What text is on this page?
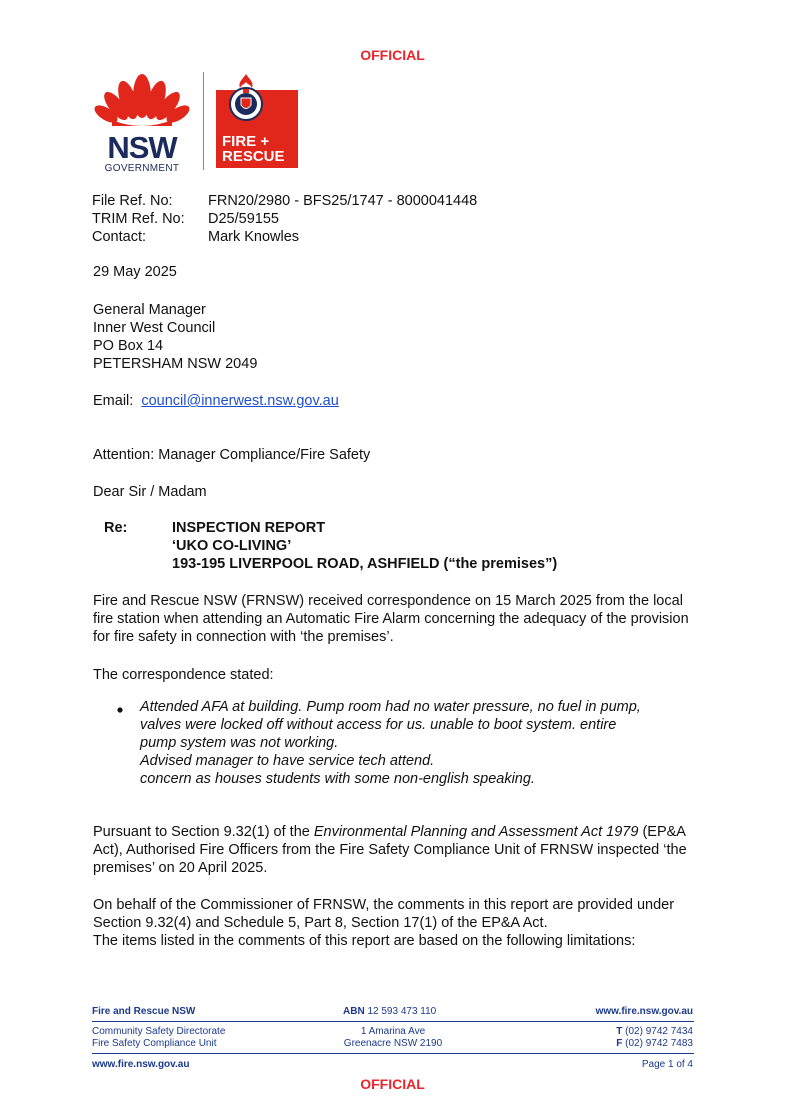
OFFICIAL
NSW
GOVERNMENT
FIRE +
RESCUE
File Ref. No: FRN20/2980 - BFS25/1747 - 8000041448
TRIM Ref. No: D25/59155
Contact:	Mark Knowles
29 May 2025
General Manager
Inner West Council
PO Box 14
PETERSHAM NSW 2049
Email: council@innerwest.nsw.gov.au
Attention: Manager Compliance/Fire Safety
Dear Sir / Madam
Re:	INSPECTION REPORT
‘UKO CO-LIVING’
193-195 LIVERPOOL ROAD, ASHFIELD (“the premises”)
Fire and Rescue NSW (FRNSW) received correspondence on 15 March 2025 from the local fire station when attending an Automatic Fire Alarm concerning the adequacy of the provision for fire safety in connection with ‘the premises’.
The correspondence stated:
Attended AFA at building. Pump room had no water pressure, no fuel in pump,
valves were locked off without access for us. unable to boot system. entire
pump system was not working.
Advised manager to have service tech attend.
concern as houses students with some non-english speaking.
Pursuant to Section 9.32(1) of the Environmental Planning and Assessment Act 1979 (EP&A Act), Authorised Fire Officers from the Fire Safety Compliance Unit of FRNSW inspected ‘the premises’ on 20 April 2025.
On behalf of the Commissioner of FRNSW, the comments in this report are provided under Section 9.32(4) and Schedule 5, Part 8, Section 17(1) of the EP&A Act.
The items listed in the comments of this report are based on the following limitations:
Fire and Rescue NSW	ABN 12 593 473 110	www.fire.nsw.gov.au
Community Safety Directorate
Fire Safety Compliance Unit
1 Amarina Ave
Greenacre NSW 2190
T (02) 9742 7434
F (02) 9742 7483
www.fire.nsw.gov.au	Page 1 of 4
OFFICIAL
